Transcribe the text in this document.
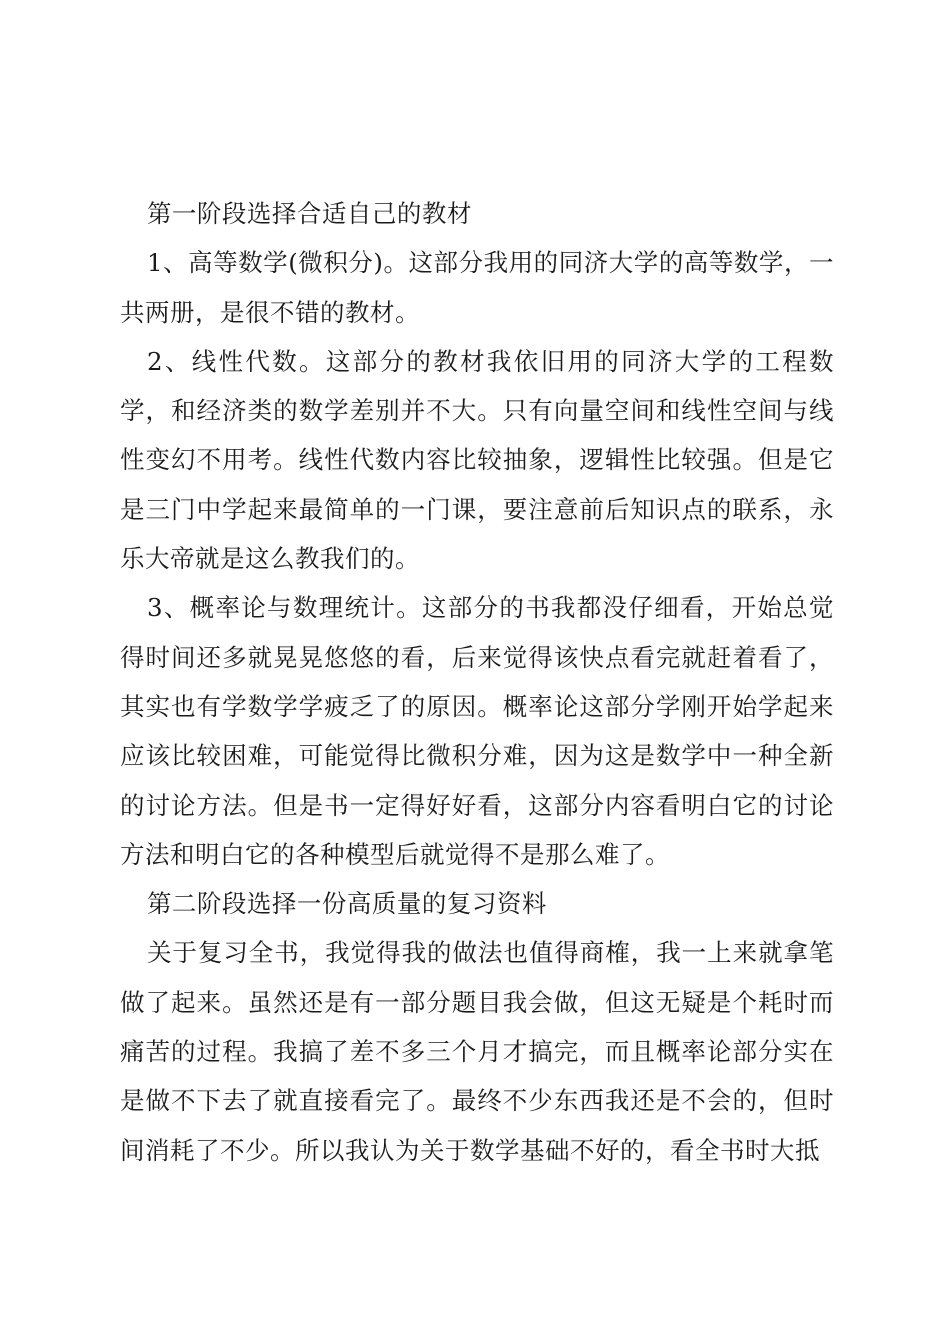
第一阶段选择合适自己的教材

1、高等数学(微积分)。这部分我用的同济大学的高等数学，一共两册，是很不错的教材。

2、线性代数。这部分的教材我依旧用的同济大学的工程数学，和经济类的数学差别并不大。只有向量空间和线性空间与线性变幻不用考。线性代数内容比较抽象，逻辑性比较强。但是它是三门中学起来最简单的一门课，要注意前后知识点的联系，永乐大帝就是这么教我们的。

3、概率论与数理统计。这部分的书我都没仔细看，开始总觉得时间还多就晃晃悠悠的看，后来觉得该快点看完就赶着看了，其实也有学数学学疲乏了的原因。概率论这部分学刚开始学起来应该比较困难，可能觉得比微积分难，因为这是数学中一种全新的讨论方法。但是书一定得好好看，这部分内容看明白它的讨论方法和明白它的各种模型后就觉得不是那么难了。

第二阶段选择一份高质量的复习资料

关于复习全书，我觉得我的做法也值得商榷，我一上来就拿笔做了起来。虽然还是有一部分题目我会做，但这无疑是个耗时而痛苦的过程。我搞了差不多三个月才搞完，而且概率论部分实在是做不下去了就直接看完了。最终不少东西我还是不会的，但时间消耗了不少。所以我认为关于数学基础不好的，看全书时大抵
